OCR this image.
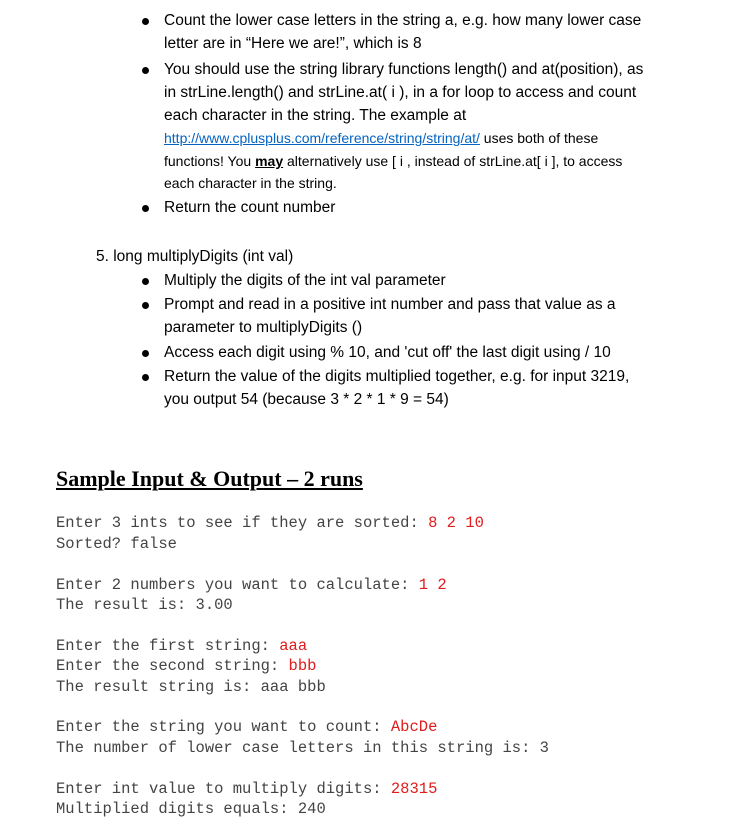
Count the lower case letters in the string a, e.g. how many lower case
letter are in “Here we are!”, which is 8
You should use the string library functions length() and at(position), as
in strLine.length() and strLine.at( i ), in a for loop to access and count
each character in the string. The example at
http://www.cplusplus.com/reference/string/string/at/ uses both of these
functions! You may alternatively use [ i , instead of strLine.at[ i ], to access
each character in the string.
Return the count number
5. long multiplyDigits (int val)
Multiply the digits of the int val parameter
Prompt and read in a positive int number and pass that value as a
parameter to multiplyDigits ()
Access each digit using % 10, and 'cut off' the last digit using / 10
Return the value of the digits multiplied together, e.g. for input 3219,
you output 54 (because 3 * 2 * 1 * 9 = 54)
Sample Input & Output – 2 runs
Enter 3 ints to see if they are sorted: 8 2 10
Sorted? false
Enter 2 numbers you want to calculate: 1 2
The result is: 3.00
Enter the first string: aaa
Enter the second string: bbb
The result string is: aaa bbb
Enter the string you want to count: AbcDe
The number of lower case letters in this string is: 3
Enter int value to multiply digits: 28315
Multiplied digits equals: 240
